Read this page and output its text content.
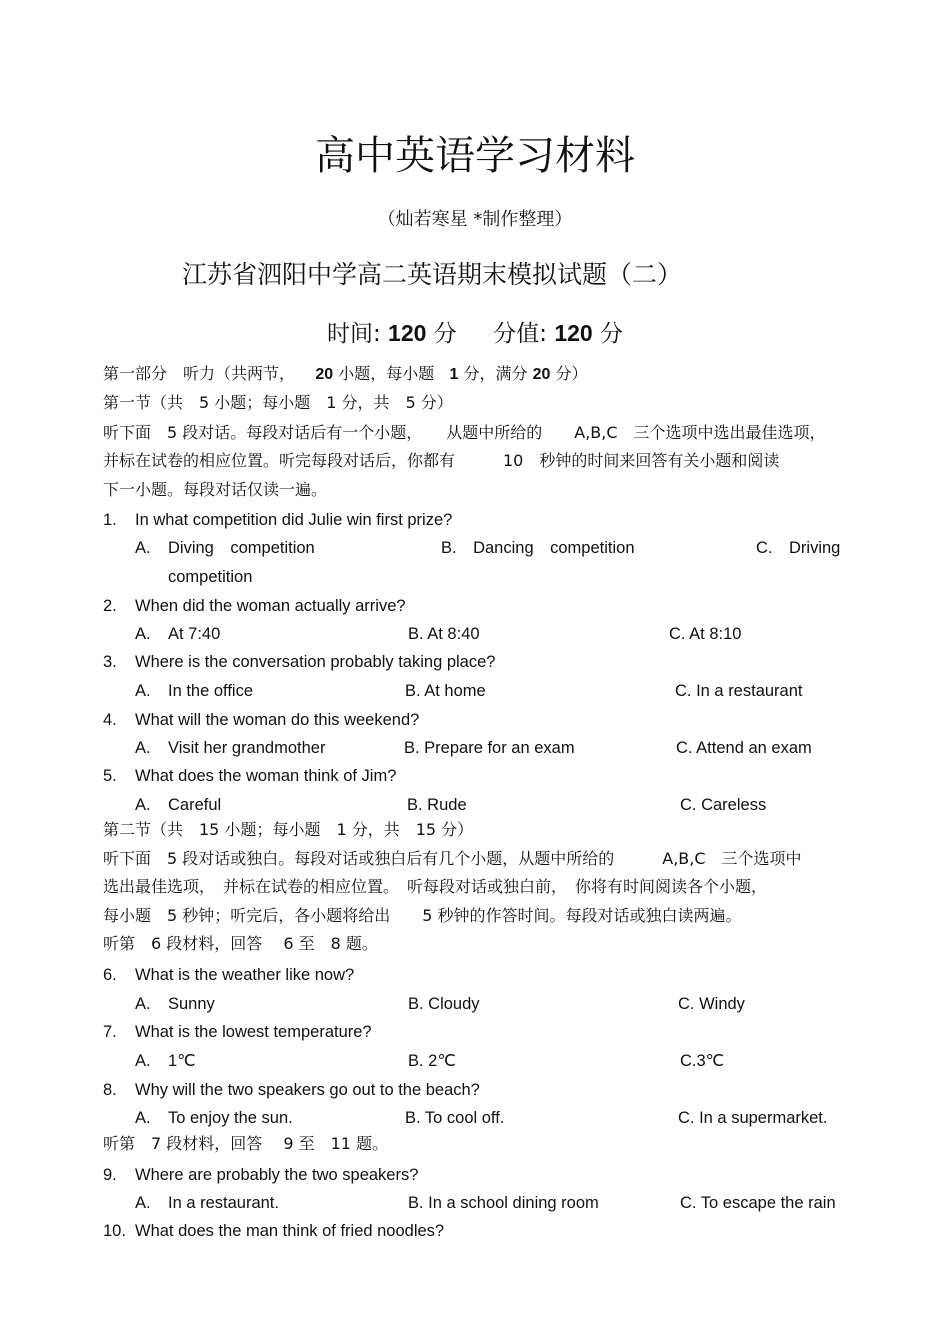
高中英语学习材料
（灿若寒星 *制作整理）
江苏省泗阳中学高二英语期末模拟试题（二）
时间: 120 分 分值: 120 分
第一部分　听力（共两节， 20 小题，每小题 1 分，满分 20 分）
第一节（共　5 小题；每小题　1 分，共　5 分）
听下面　5 段对话。每段对话后有一个小题，　　从题中所给的　　A,B,C　三个选项中选出最佳选项，
并标在试卷的相应位置。听完每段对话后，你都有　　　10　秒钟的时间来回答有关小题和阅读
下一小题。每段对话仅读一遍。
1. In what competition did Julie win first prize?
A. Diving　competition	B.　Dancing　competition	C.　Driving
competition
2. When did the woman actually arrive?
A. At 7:40	B. At 8:40	C. At 8:10
3. Where is the conversation probably taking place?
A. In the office	B. At home	C. In a restaurant
4. What will the woman do this weekend?
A. Visit her grandmother	B. Prepare for an exam	C. Attend an exam
5. What does the woman think of Jim?
A. Careful	B. Rude	C. Careless
第二节（共　15 小题；每小题　1 分，共　15 分）
听下面　5 段对话或独白。每段对话或独白后有几个小题，从题中所给的　　　A,B,C　三个选项中
选出最佳选项，　并标在试卷的相应位置。　听每段对话或独白前，　你将有时间阅读各个小题，
每小题　5 秒钟；听完后，各小题将给出　　5 秒钟的作答时间。每段对话或独白读两遍。
听第　6 段材料，回答　 6 至　8 题。
6. What is the weather like now?
A. Sunny	B. Cloudy	C. Windy
7. What is the lowest temperature?
A. 1℃	B. 2℃	C.3℃
8. Why will the two speakers go out to the beach?
A. To enjoy the sun.	B. To cool off.	C. In a supermarket.
听第　7 段材料，回答　 9 至　11 题。
9. Where are probably the two speakers?
A. In a restaurant.	B. In a school dining room	C. To escape the rain
10. What does the man think of fried noodles?
